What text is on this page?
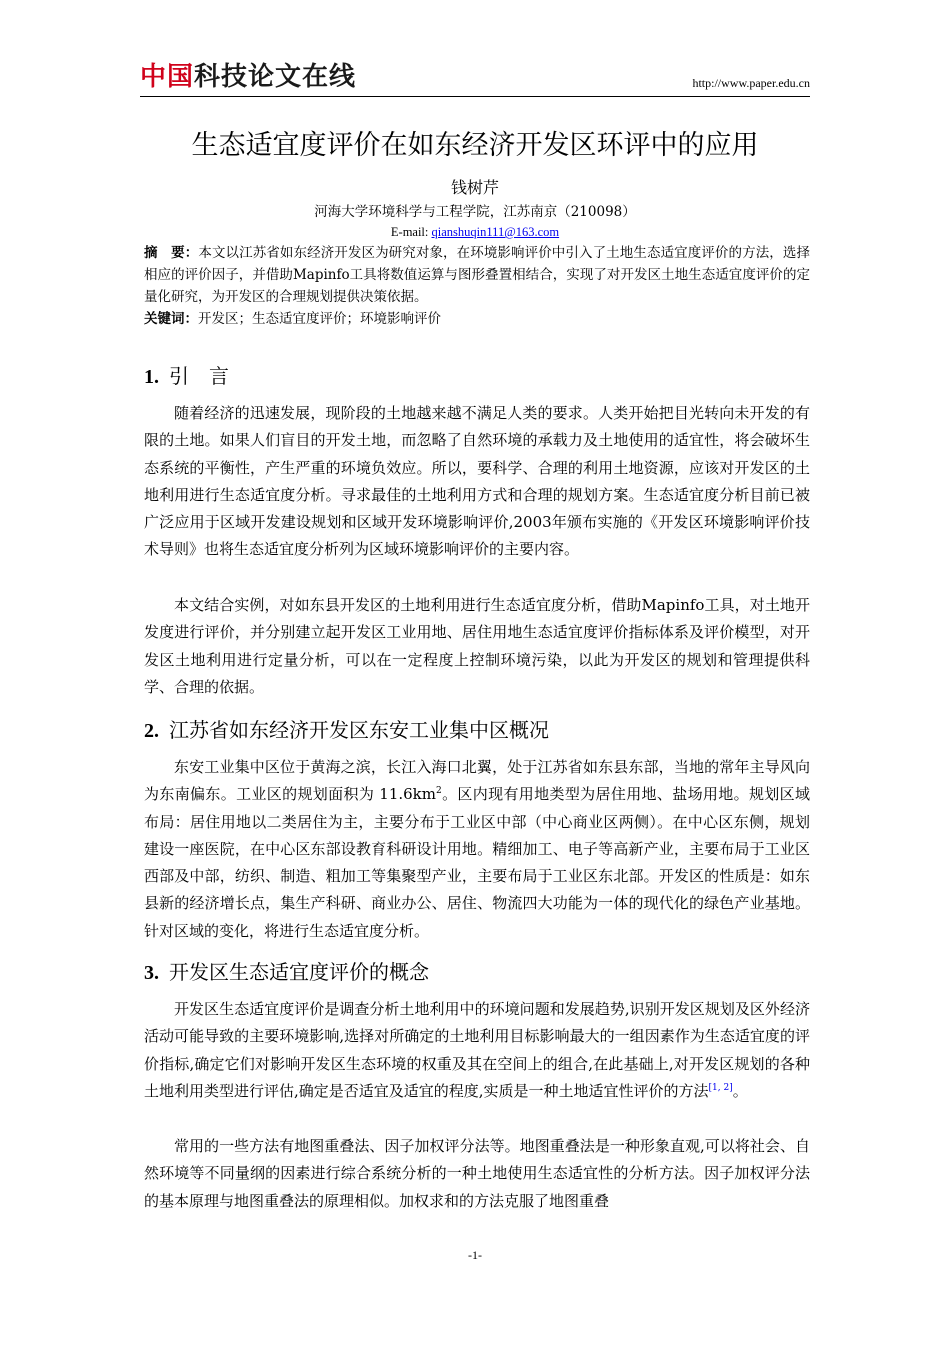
中国科技论文在线	http://www.paper.edu.cn
生态适宜度评价在如东经济开发区环评中的应用
钱树芹
河海大学环境科学与工程学院，江苏南京（210098）
E-mail: qianshuqin111@163.com
摘　要：本文以江苏省如东经济开发区为研究对象，在环境影响评价中引入了土地生态适宜度评价的方法，选择相应的评价因子，并借助Mapinfo工具将数值运算与图形叠置相结合，实现了对开发区土地生态适宜度评价的定量化研究，为开发区的合理规划提供决策依据。
关键词：开发区；生态适宜度评价；环境影响评价
1. 引　言

随着经济的迅速发展，现阶段的土地越来越不满足人类的要求。人类开始把目光转向未开发的有限的土地。如果人们盲目的开发土地，而忽略了自然环境的承载力及土地使用的适宜性，将会破坏生态系统的平衡性，产生严重的环境负效应。所以，要科学、合理的利用土地资源，应该对开发区的土地利用进行生态适宜度分析。寻求最佳的土地利用方式和合理的规划方案。生态适宜度分析目前已被广泛应用于区域开发建设规划和区域开发环境影响评价,2003年颁布实施的《开发区环境影响评价技术导则》也将生态适宜度分析列为区域环境影响评价的主要内容。

本文结合实例，对如东县开发区的土地利用进行生态适宜度分析，借助Mapinfo工具，对土地开发度进行评价，并分别建立起开发区工业用地、居住用地生态适宜度评价指标体系及评价模型，对开发区土地利用进行定量分析，可以在一定程度上控制环境污染，以此为开发区的规划和管理提供科学、合理的依据。

2. 江苏省如东经济开发区东安工业集中区概况

东安工业集中区位于黄海之滨，长江入海口北翼，处于江苏省如东县东部，当地的常年主导风向为东南偏东。工业区的规划面积为 $11.6km^2$。区内现有用地类型为居住用地、盐场用地。规划区域布局：居住用地以二类居住为主，主要分布于工业区中部（中心商业区两侧）。在中心区东侧，规划建设一座医院，在中心区东部设教育科研设计用地。精细加工、电子等高新产业，主要布局于工业区西部及中部，纺织、制造、粗加工等集聚型产业，主要布局于工业区东北部。开发区的性质是：如东县新的经济增长点，集生产科研、商业办公、居住、物流四大功能为一体的现代化的绿色产业基地。针对区域的变化，将进行生态适宜度分析。

3. 开发区生态适宜度评价的概念

开发区生态适宜度评价是调查分析土地利用中的环境问题和发展趋势,识别开发区规划及区外经济活动可能导致的主要环境影响,选择对所确定的土地利用目标影响最大的一组因素作为生态适宜度的评价指标,确定它们对影响开发区生态环境的权重及其在空间上的组合,在此基础上,对开发区规划的各种土地利用类型进行评估,确定是否适宜及适宜的程度,实质是一种土地适宜性评价的方法[1, 2]。

常用的一些方法有地图重叠法、因子加权评分法等。地图重叠法是一种形象直观,可以将社会、自然环境等不同量纲的因素进行综合系统分析的一种土地使用生态适宜性的分析方法。因子加权评分法的基本原理与地图重叠法的原理相似。加权求和的方法克服了地图重叠

-1-
